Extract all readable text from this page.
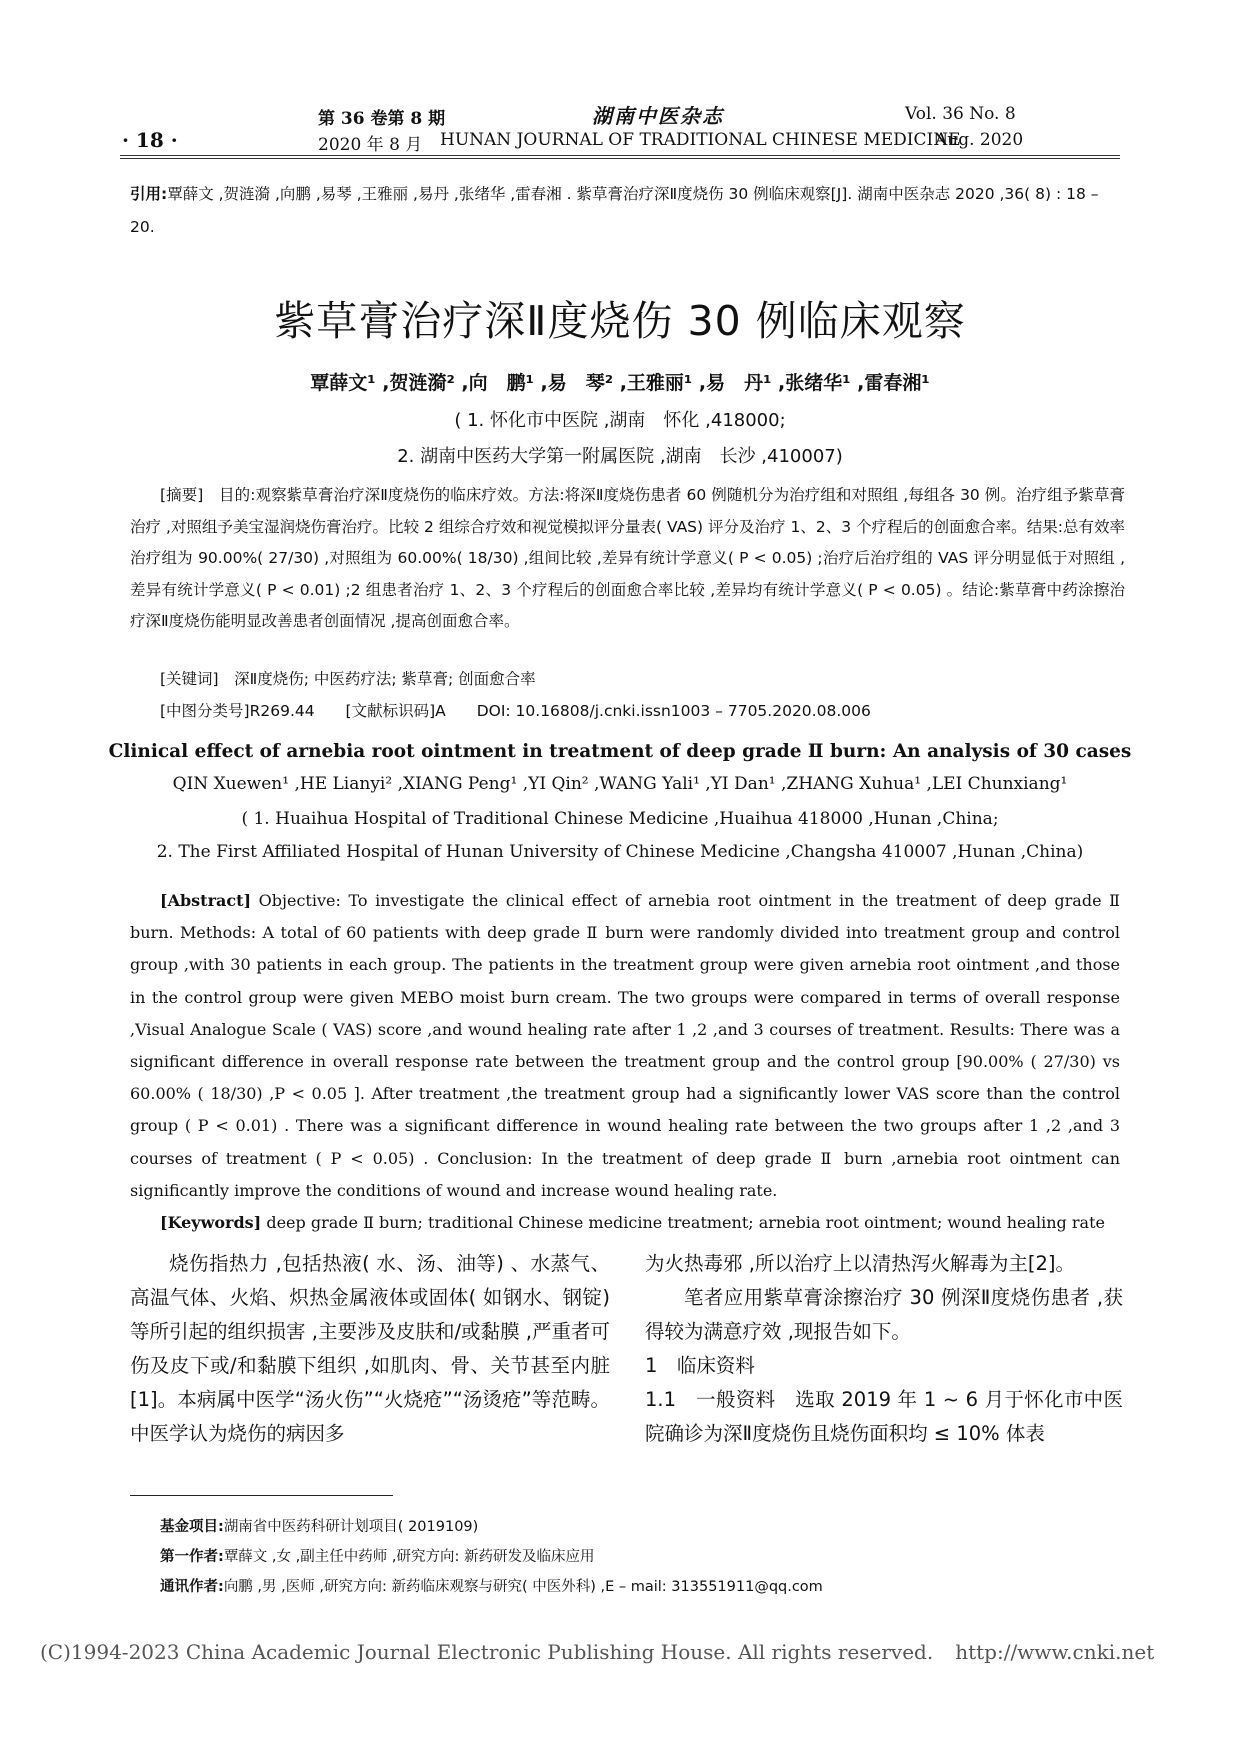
· 18 ·
第 36 卷第 8 期
2020 年 8 月
湖南中医杂志
HUNAN JOURNAL OF TRADITIONAL CHINESE MEDICINE
Vol. 36 No. 8
Aug. 2020
引用:覃薛文 ,贺涟漪 ,向鹏 ,易琴 ,王雅丽 ,易丹 ,张绪华 ,雷春湘 . 紫草膏治疗深Ⅱ度烧伤 30 例临床观察[J]. 湖南中医杂志 2020 ,36( 8) : 18 – 20.
紫草膏治疗深Ⅱ度烧伤 30 例临床观察
覃薛文¹ ,贺涟漪² ,向　鹏¹ ,易　琴² ,王雅丽¹ ,易　丹¹ ,张绪华¹ ,雷春湘¹
( 1. 怀化市中医院 ,湖南　怀化 ,418000;
2. 湖南中医药大学第一附属医院 ,湖南　长沙 ,410007)
[摘要]　目的:观察紫草膏治疗深Ⅱ度烧伤的临床疗效。方法:将深Ⅱ度烧伤患者 60 例随机分为治疗组和对照组 ,每组各 30 例。治疗组予紫草膏治疗 ,对照组予美宝湿润烧伤膏治疗。比较 2 组综合疗效和视觉模拟评分量表( VAS) 评分及治疗 1、2、3 个疗程后的创面愈合率。结果:总有效率治疗组为 90.00%( 27/30) ,对照组为 60.00%( 18/30) ,组间比较 ,差异有统计学意义( P < 0.05) ;治疗后治疗组的 VAS 评分明显低于对照组 ,差异有统计学意义( P < 0.01) ;2 组患者治疗 1、2、3 个疗程后的创面愈合率比较 ,差异均有统计学意义( P < 0.05) 。结论:紫草膏中药涂擦治疗深Ⅱ度烧伤能明显改善患者创面情况 ,提高创面愈合率。
[关键词]　深Ⅱ度烧伤; 中医药疗法; 紫草膏; 创面愈合率
[中图分类号]R269.44 [文献标识码]A DOI: 10.16808/j.cnki.issn1003 – 7705.2020.08.006
Clinical effect of arnebia root ointment in treatment of deep grade Ⅱ burn: An analysis of 30 cases
QIN Xuewen¹ ,HE Lianyi² ,XIANG Peng¹ ,YI Qin² ,WANG Yali¹ ,YI Dan¹ ,ZHANG Xuhua¹ ,LEI Chunxiang¹
( 1. Huaihua Hospital of Traditional Chinese Medicine ,Huaihua 418000 ,Hunan ,China;
2. The First Affiliated Hospital of Hunan University of Chinese Medicine ,Changsha 410007 ,Hunan ,China)
[Abstract] Objective: To investigate the clinical effect of arnebia root ointment in the treatment of deep grade Ⅱ burn. Methods: A total of 60 patients with deep grade Ⅱ burn were randomly divided into treatment group and control group ,with 30 patients in each group. The patients in the treatment group were given arnebia root ointment ,and those in the control group were given MEBO moist burn cream. The two groups were compared in terms of overall response ,Visual Analogue Scale ( VAS) score ,and wound healing rate after 1 ,2 ,and 3 courses of treatment. Results: There was a significant difference in overall response rate between the treatment group and the control group [90.00% ( 27/30) vs 60.00% ( 18/30) ,P < 0.05 ]. After treatment ,the treatment group had a significantly lower VAS score than the control group ( P < 0.01) . There was a significant difference in wound healing rate between the two groups after 1 ,2 ,and 3 courses of treatment ( P < 0.05) . Conclusion: In the treatment of deep grade Ⅱ burn ,arnebia root ointment can significantly improve the conditions of wound and increase wound healing rate.
[Keywords] deep grade Ⅱ burn; traditional Chinese medicine treatment; arnebia root ointment; wound healing rate
烧伤指热力 ,包括热液( 水、汤、油等) 、水蒸气、高温气体、火焰、炽热金属液体或固体( 如钢水、钢锭) 等所引起的组织损害 ,主要涉及皮肤和/或黏膜 ,严重者可伤及皮下或/和黏膜下组织 ,如肌肉、骨、关节甚至内脏[1]。本病属中医学“汤火伤”“火烧疮”“汤烫疮”等范畴。中医学认为烧伤的病因多

为火热毒邪 ,所以治疗上以清热泻火解毒为主[2]。

笔者应用紫草膏涂擦治疗 30 例深Ⅱ度烧伤患者 ,获得较为满意疗效 ,现报告如下。

1　临床资料

1.1　一般资料　选取 2019 年 1 ~ 6 月于怀化市中医院确诊为深Ⅱ度烧伤且烧伤面积均 ≤ 10% 体表

基金项目:湖南省中医药科研计划项目( 2019109)
第一作者:覃薛文 ,女 ,副主任中药师 ,研究方向: 新药研发及临床应用
通讯作者:向鹏 ,男 ,医师 ,研究方向: 新药临床观察与研究( 中医外科) ,E – mail: 313551911@qq.com
(C)1994-2023 China Academic Journal Electronic Publishing House. All rights reserved. http://www.cnki.net
